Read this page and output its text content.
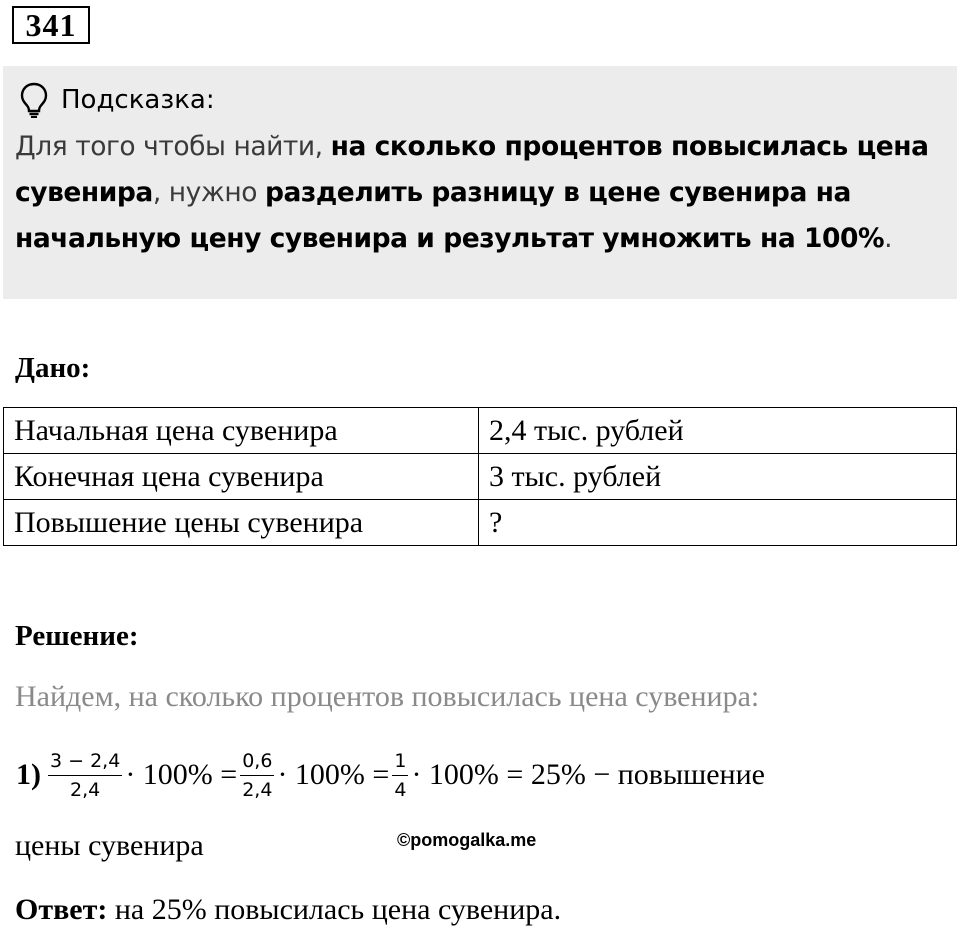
341
Подсказка:
Для того чтобы найти, на сколько процентов повысилась цена сувенира, нужно разделить разницу в цене сувенира на начальную цену сувенира и результат умножить на 100%.
Дано:
Начальная цена сувенира	2,4 тыс. рублей
Конечная цена сувенира	3 тыс. рублей
Повышение цены сувенира	?
Решение:
Найдем, на сколько процентов повысилась цена сувенира:
$1) \frac{3 - 2,4}{2,4} \cdot 100\% = \frac{0,6}{2,4} \cdot 100\% = \frac{1}{4} \cdot 100\% = 25\%$ − повышение
цены сувенира	©pomogalka.me
Ответ: на 25% повысилась цена сувенира.
